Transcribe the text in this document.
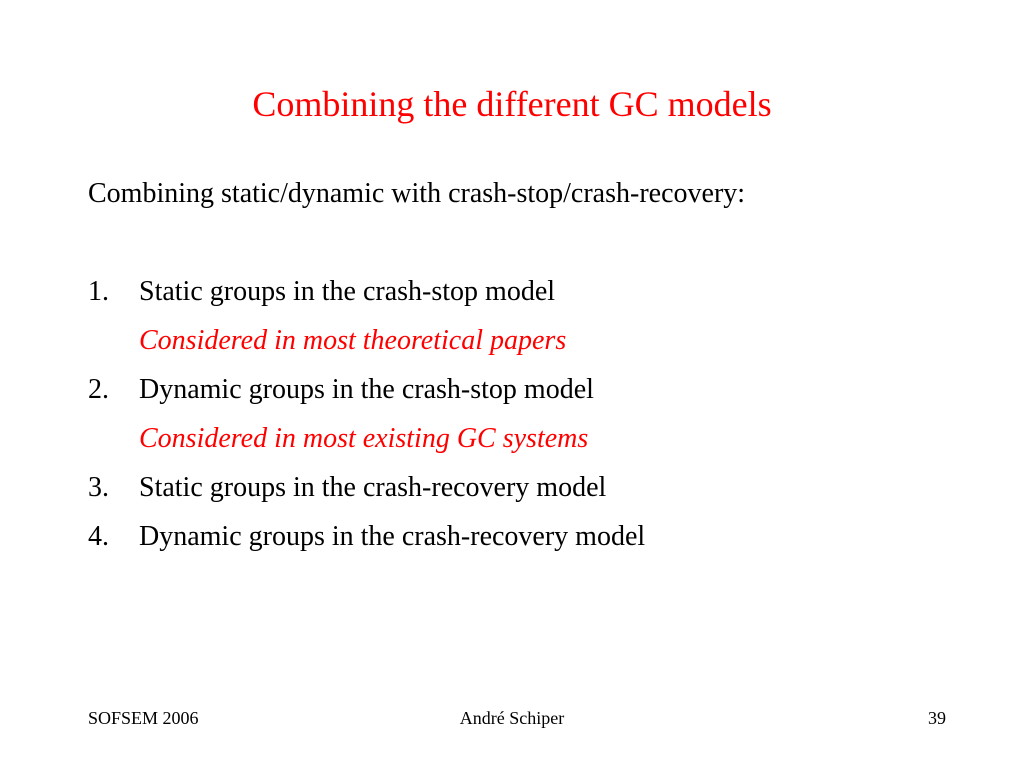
Combining the different GC models

Combining static/dynamic with crash-stop/crash-recovery:

1. Static groups in the crash-stop model
Considered in most theoretical papers
2. Dynamic groups in the crash-stop model
Considered in most existing GC systems
3. Static groups in the crash-recovery model
4. Dynamic groups in the crash-recovery model
SOFSEM 2006	André Schiper	39
